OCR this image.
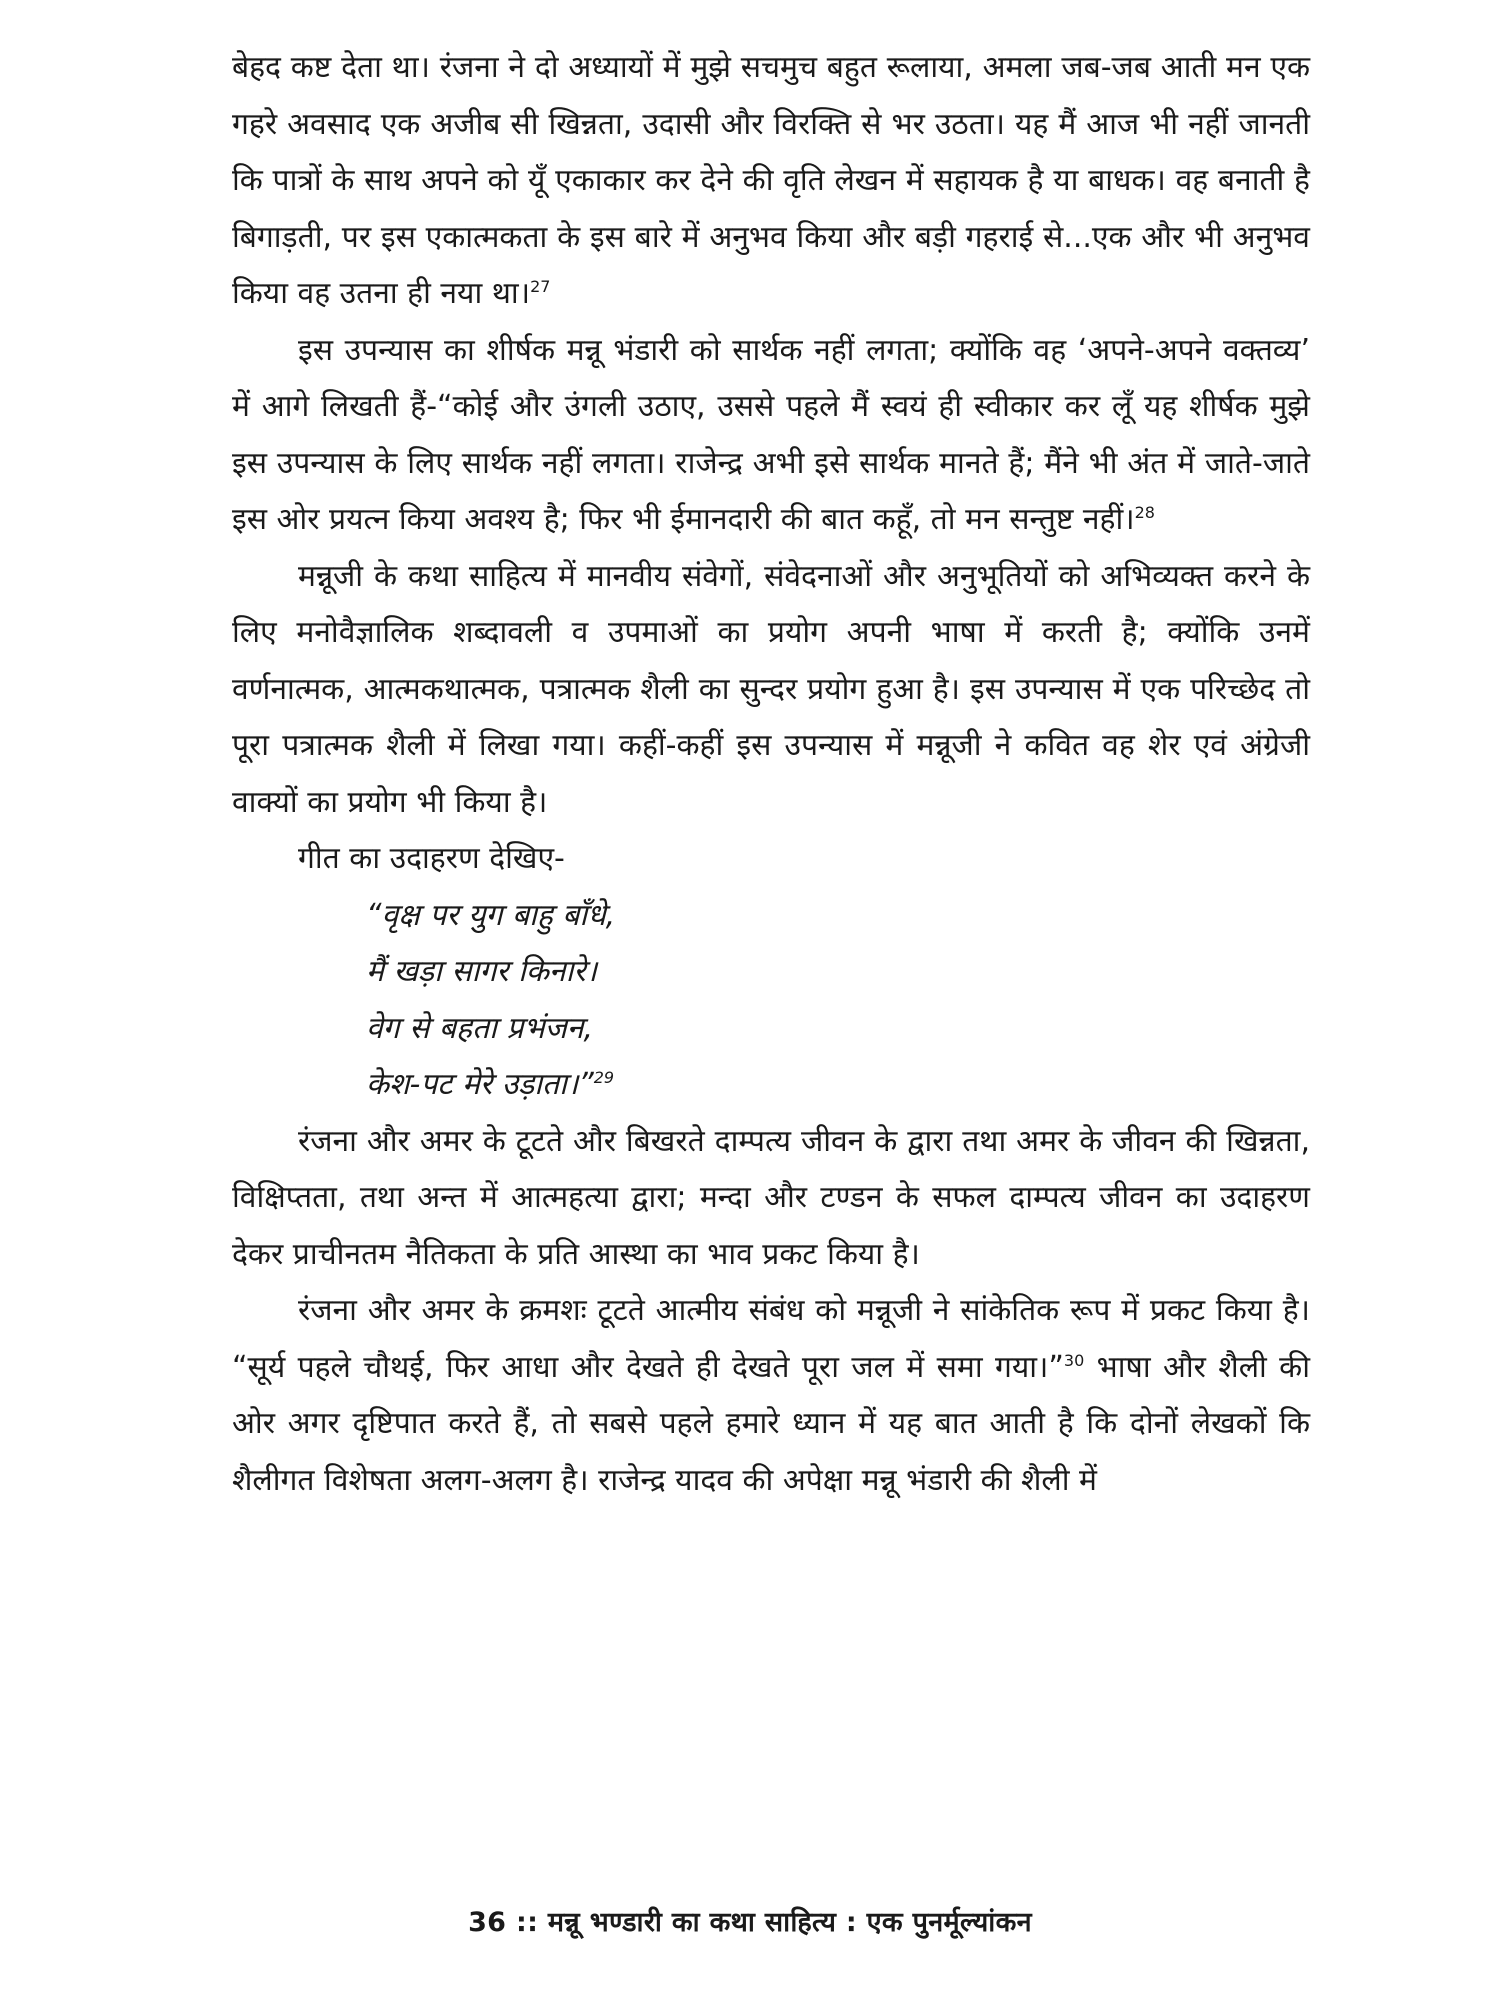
बेहद कष्ट देता था। रंजना ने दो अध्यायों में मुझे सचमुच बहुत रूलाया, अमला जब-जब आती मन एक गहरे अवसाद एक अजीब सी खिन्नता, उदासी और विरक्ति से भर उठता। यह मैं आज भी नहीं जानती कि पात्रों के साथ अपने को यूँ एकाकार कर देने की वृति लेखन में सहायक है या बाधक। वह बनाती है बिगाड़ती, पर इस एकात्मकता के इस बारे में अनुभव किया और बड़ी गहराई से...एक और भी अनुभव किया वह उतना ही नया था।$^{27}$

इस उपन्यास का शीर्षक मन्नू भंडारी को सार्थक नहीं लगता; क्योंकि वह ‘अपने-अपने वक्तव्य’ में आगे लिखती हैं-“कोई और उंगली उठाए, उससे पहले मैं स्वयं ही स्वीकार कर लूँ यह शीर्षक मुझे इस उपन्यास के लिए सार्थक नहीं लगता। राजेन्द्र अभी इसे सार्थक मानते हैं; मैंने भी अंत में जाते-जाते इस ओर प्रयत्न किया अवश्य है; फिर भी ईमानदारी की बात कहूँ, तो मन सन्तुष्ट नहीं।$^{28}$

मन्नूजी के कथा साहित्य में मानवीय संवेगों, संवेदनाओं और अनुभूतियों को अभिव्यक्त करने के लिए मनोवैज्ञालिक शब्दावली व उपमाओं का प्रयोग अपनी भाषा में करती है; क्योंकि उनमें वर्णनात्मक, आत्मकथात्मक, पत्रात्मक शैली का सुन्दर प्रयोग हुआ है। इस उपन्यास में एक परिच्छेद तो पूरा पत्रात्मक शैली में लिखा गया। कहीं-कहीं इस उपन्यास में मन्नूजी ने कवित वह शेर एवं अंग्रेजी वाक्यों का प्रयोग भी किया है।

गीत का उदाहरण देखिए-

“वृक्ष पर युग बाहु बाँधे,
मैं खड़ा सागर किनारे।
वेग से बहता प्रभंजन,
केश-पट मेरे उड़ाता।”$^{29}$

रंजना और अमर के टूटते और बिखरते दाम्पत्य जीवन के द्वारा तथा अमर के जीवन की खिन्नता, विक्षिप्तता, तथा अन्त में आत्महत्या द्वारा; मन्दा और टण्डन के सफल दाम्पत्य जीवन का उदाहरण देकर प्राचीनतम नैतिकता के प्रति आस्था का भाव प्रकट किया है।

रंजना और अमर के क्रमशः टूटते आत्मीय संबंध को मन्नूजी ने सांकेतिक रूप में प्रकट किया है। “सूर्य पहले चौथई, फिर आधा और देखते ही देखते पूरा जल में समा गया।”$^{30}$ भाषा और शैली की ओर अगर दृष्टिपात करते हैं, तो सबसे पहले हमारे ध्यान में यह बात आती है कि दोनों लेखकों कि शैलीगत विशेषता अलग-अलग है। राजेन्द्र यादव की अपेक्षा मन्नू भंडारी की शैली में

36 :: मन्नू भण्डारी का कथा साहित्य : एक पुनर्मूल्यांकन
